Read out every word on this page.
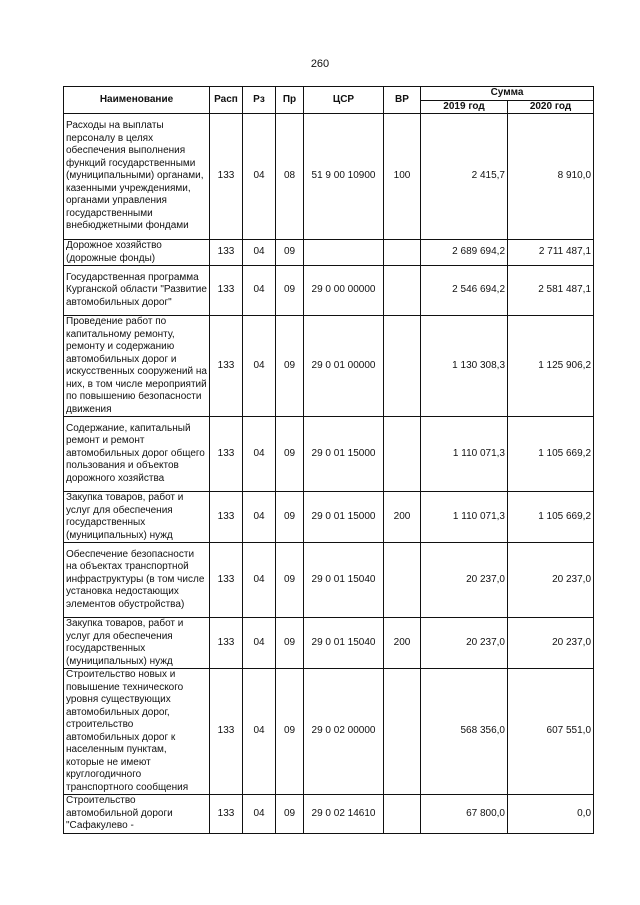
260
Наименование	Расп	Рз	Пр	ЦСР	ВР	Сумма	
						2019 год	2020 год
Расходы на выплаты персоналу в целях обеспечения выполнения функций государственными (муниципальными) органами, казенными учреждениями, органами управления государственными внебюджетными фондами	133	04	08	51 9 00 10900	100	2 415,7	8 910,0
Дорожное хозяйство (дорожные фонды)	133	04	09			2 689 694,2	2 711 487,1
Государственная программа Курганской области "Развитие автомобильных дорог"	133	04	09	29 0 00 00000		2 546 694,2	2 581 487,1
Проведение работ по капитальному ремонту, ремонту и содержанию автомобильных дорог и искусственных сооружений на них, в том числе мероприятий по повышению безопасности движения	133	04	09	29 0 01 00000		1 130 308,3	1 125 906,2
Содержание, капитальный ремонт и ремонт автомобильных дорог общего пользования и объектов дорожного хозяйства	133	04	09	29 0 01 15000		1 110 071,3	1 105 669,2
Закупка товаров, работ и услуг для обеспечения государственных (муниципальных) нужд	133	04	09	29 0 01 15000	200	1 110 071,3	1 105 669,2
Обеспечение безопасности на объектах транспортной инфраструктуры (в том числе установка недостающих элементов обустройства)	133	04	09	29 0 01 15040		20 237,0	20 237,0
Закупка товаров, работ и услуг для обеспечения государственных (муниципальных) нужд	133	04	09	29 0 01 15040	200	20 237,0	20 237,0
Строительство новых и повышение технического уровня существующих автомобильных дорог, строительство автомобильных дорог к населенным пунктам, которые не имеют круглогодичного транспортного сообщения	133	04	09	29 0 02 00000		568 356,0	607 551,0
Строительство автомобильной дороги "Сафакулево -	133	04	09	29 0 02 14610		67 800,0	0,0
